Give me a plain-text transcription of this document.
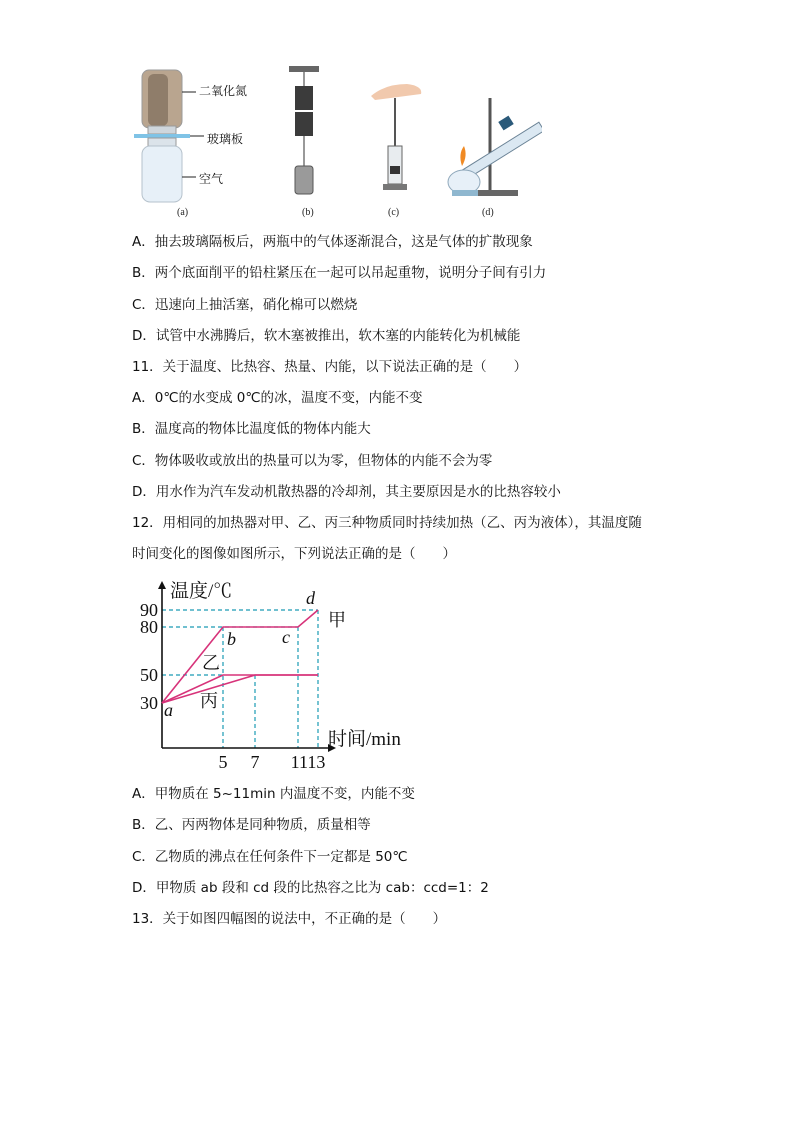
二氧化氮
玻璃板
空气
(a)	(b)	(c)	(d)
A．抽去玻璃隔板后，两瓶中的气体逐渐混合，这是气体的扩散现象
B．两个底面削平的铅柱紧压在一起可以吊起重物，说明分子间有引力
C．迅速向上抽活塞，硝化棉可以燃烧
D．试管中水沸腾后，软木塞被推出，软木塞的内能转化为机械能
11．关于温度、比热容、热量、内能，以下说法正确的是（　　）
A．0℃的水变成 0℃的冰，温度不变，内能不变
B．温度高的物体比温度低的物体内能大
C．物体吸收或放出的热量可以为零，但物体的内能不会为零
D．用水作为汽车发动机散热器的冷却剂，其主要原因是水的比热容较小
12．用相同的加热器对甲、乙、丙三种物质同时持续加热（乙、丙为液体），其温度随
时间变化的图像如图所示，下列说法正确的是（　　）
温度/℃
时间/min
30
50
80
90
5 7 1113
a
b	c
d
甲
乙
丙
A．甲物质在 5~11min 内温度不变，内能不变
B．乙、丙两物体是同种物质，质量相等
C．乙物质的沸点在任何条件下一定都是 50℃
D．甲物质 ab 段和 cd 段的比热容之比为 cab：ccd=1：2
13．关于如图四幅图的说法中，不正确的是（　　）
